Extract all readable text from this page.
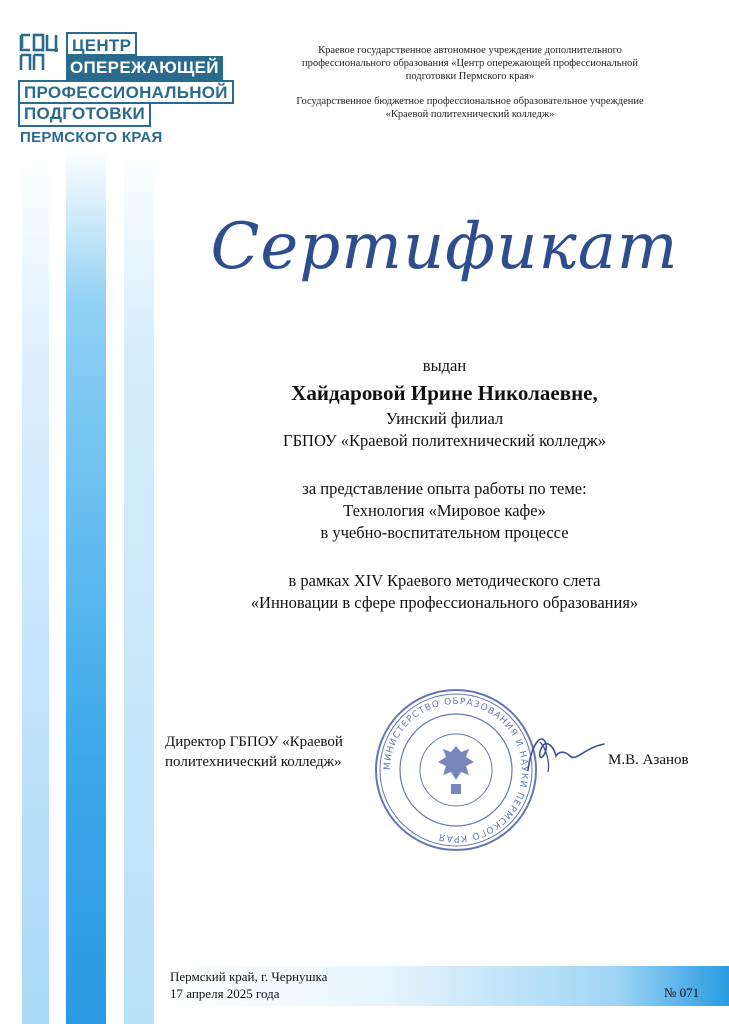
ЦЕНТР
ОПЕРЕЖАЮЩЕЙ
ПРОФЕССИОНАЛЬНОЙ
ПОДГОТОВКИ
ПЕРМСКОГО КРАЯ
Краевое государственное автономное учреждение дополнительного
профессионального образования «Центр опережающей профессиональной
подготовки Пермского края»
Государственное бюджетное профессиональное образовательное учреждение
«Краевой политехнический колледж»
Сертификат
выдан
Хайдаровой Ирине Николаевне,
Уинский филиал
ГБПОУ «Краевой политехнический колледж»
за представление опыта работы по теме:
Технология «Мировое кафе»
в учебно-воспитательном процессе
в рамках XIV Краевого методического слета
«Инновации в сфере профессионального образования»
Директор ГБПОУ «Краевой
политехнический колледж»	МИНИСТЕРСТВО ОБРАЗОВАНИЯ И НАУКИ ПЕРМСКОГО КРАЯ
М.В. Азанов
Пермский край, г. Чернушка
17 апреля 2025 года	№ 071
